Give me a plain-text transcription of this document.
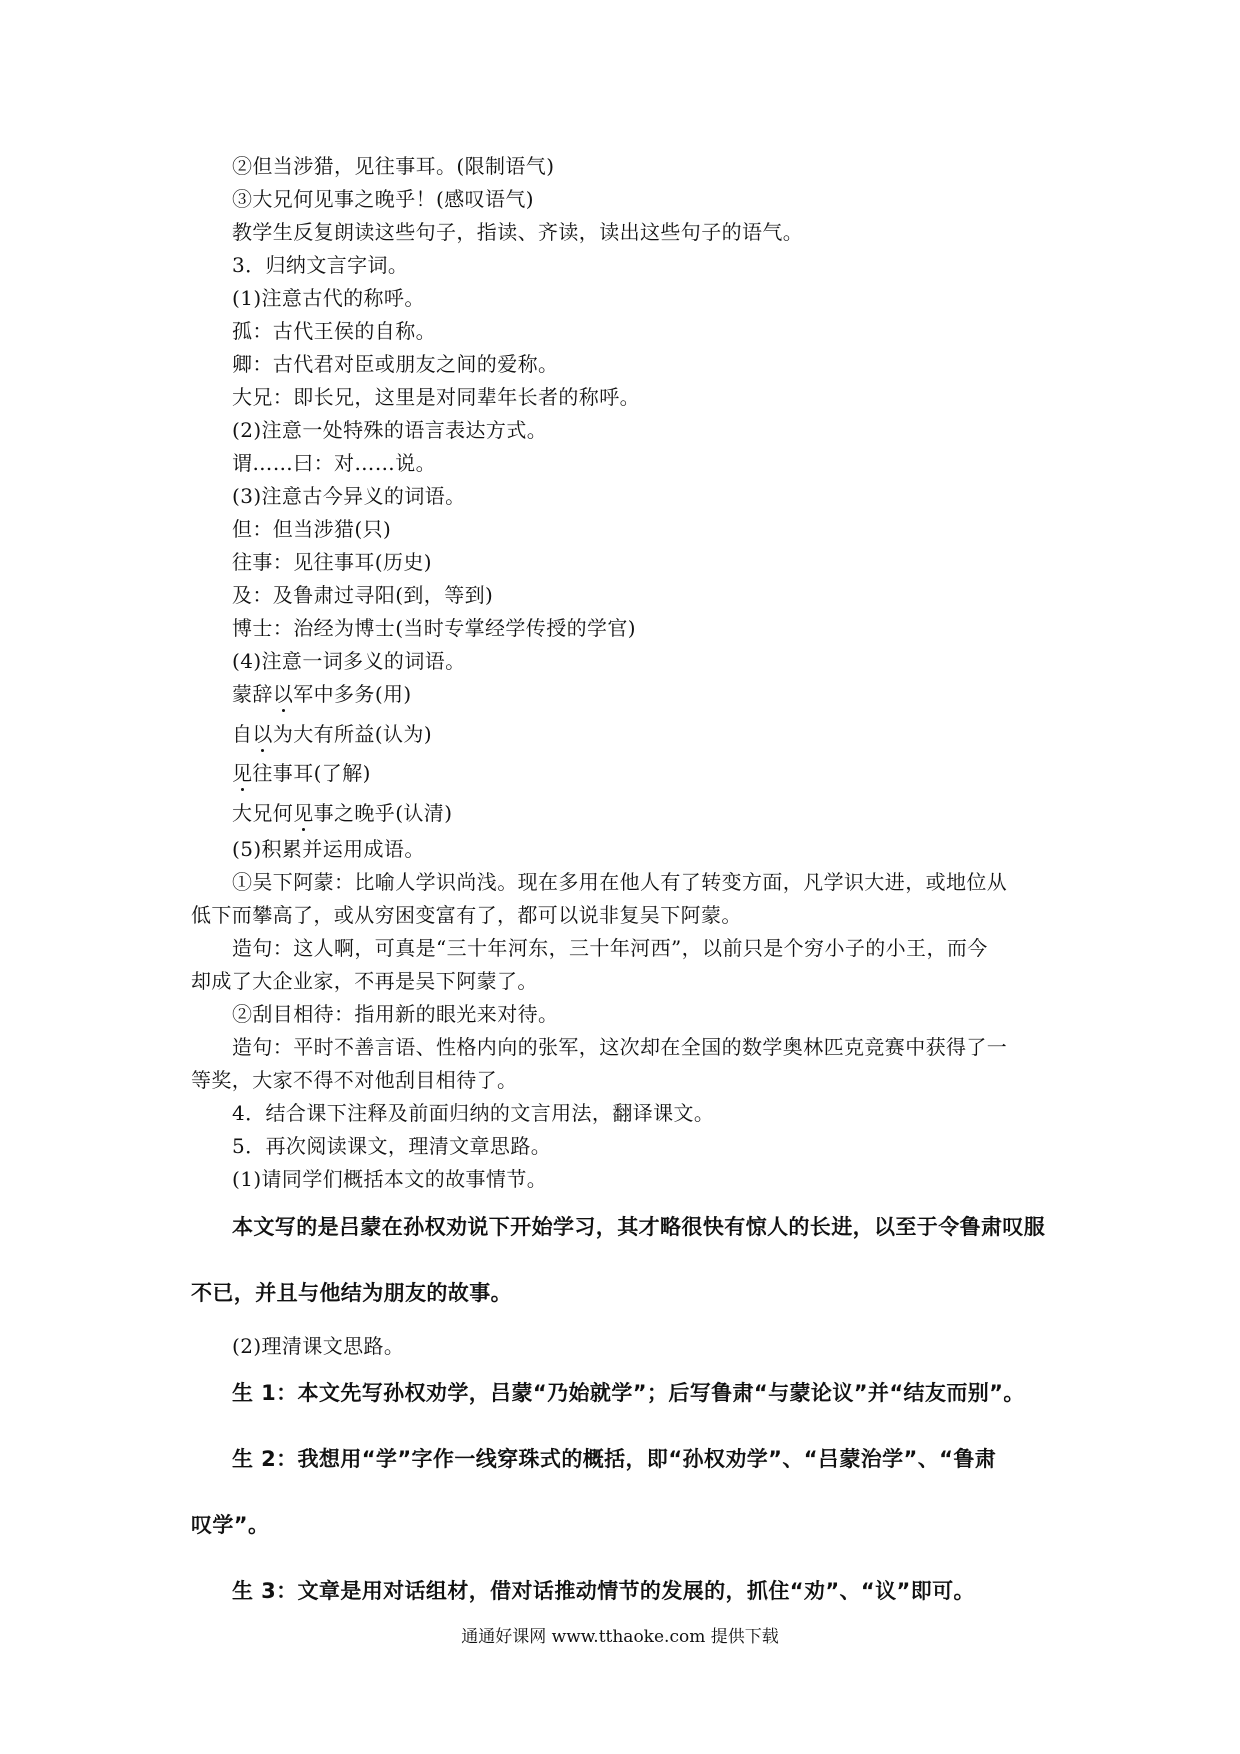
②但当涉猎，见往事耳。(限制语气)
③大兄何见事之晚乎！(感叹语气)
教学生反复朗读这些句子，指读、齐读，读出这些句子的语气。
3．归纳文言字词。
(1)注意古代的称呼。
孤：古代王侯的自称。
卿：古代君对臣或朋友之间的爱称。
大兄：即长兄，这里是对同辈年长者的称呼。
(2)注意一处特殊的语言表达方式。
谓……曰：对……说。
(3)注意古今异义的词语。
但：但当涉猎(只)
往事：见往事耳(历史)
及：及鲁肃过寻阳(到，等到)
博士：治经为博士(当时专掌经学传授的学官)
(4)注意一词多义的词语。
蒙辞以军中多务(用)
自以为大有所益(认为)
见往事耳(了解)
大兄何见事之晚乎(认清)
(5)积累并运用成语。
①吴下阿蒙：比喻人学识尚浅。现在多用在他人有了转变方面，凡学识大进，或地位从
低下而攀高了，或从穷困变富有了，都可以说非复吴下阿蒙。
造句：这人啊，可真是“三十年河东，三十年河西”，以前只是个穷小子的小王，而今
却成了大企业家，不再是吴下阿蒙了。
②刮目相待：指用新的眼光来对待。
造句：平时不善言语、性格内向的张军，这次却在全国的数学奥林匹克竞赛中获得了一
等奖，大家不得不对他刮目相待了。
4．结合课下注释及前面归纳的文言用法，翻译课文。
5．再次阅读课文，理清文章思路。
(1)请同学们概括本文的故事情节。
本文写的是吕蒙在孙权劝说下开始学习，其才略很快有惊人的长进，以至于令鲁肃叹服
不已，并且与他结为朋友的故事。
(2)理清课文思路。
生 1：本文先写孙权劝学，吕蒙“乃始就学”；后写鲁肃“与蒙论议”并“结友而别”。
生 2：我想用“学”字作一线穿珠式的概括，即“孙权劝学”、“吕蒙治学”、“鲁肃
叹学”。
生 3：文章是用对话组材，借对话推动情节的发展的，抓住“劝”、“议”即可。
通通好课网 www.tthaoke.com 提供下载
